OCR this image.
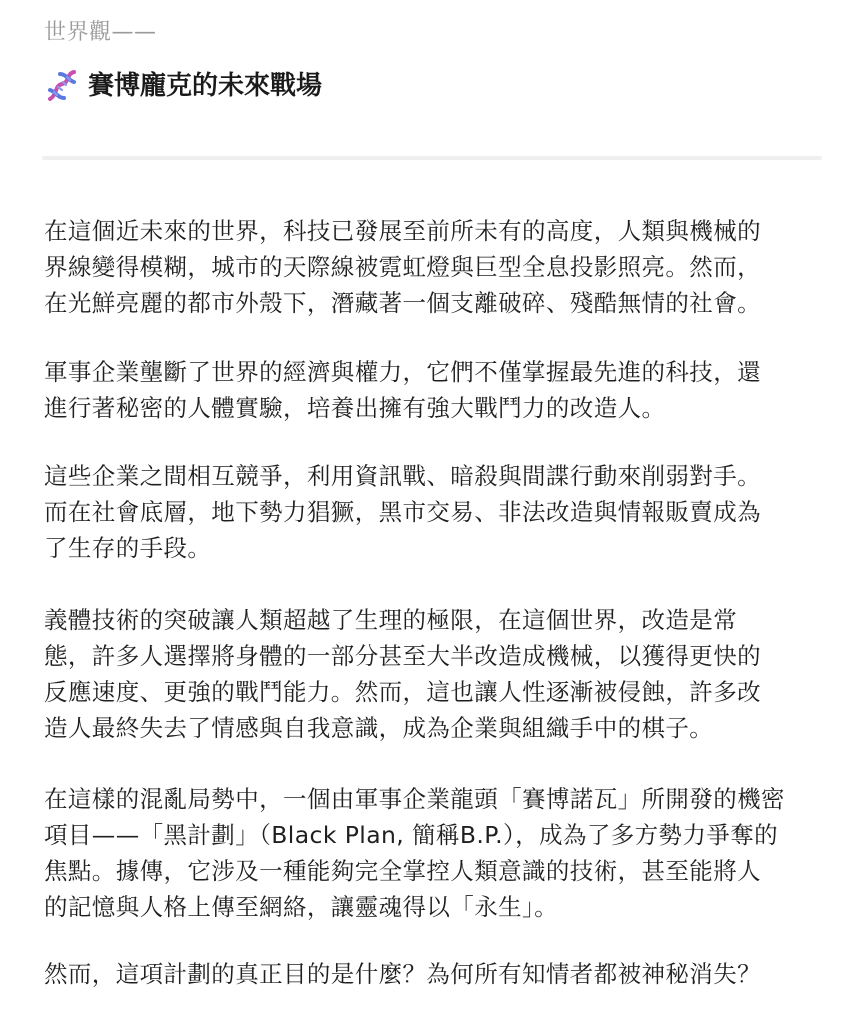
世界觀——
賽博龐克的未來戰場

在這個近未來的世界，科技已發展至前所未有的高度，人類與機械的
界線變得模糊，城市的天際線被霓虹燈與巨型全息投影照亮。然而，
在光鮮亮麗的都市外殼下，潛藏著一個支離破碎、殘酷無情的社會。

軍事企業壟斷了世界的經濟與權力，它們不僅掌握最先進的科技，還
進行著秘密的人體實驗，培養出擁有強大戰鬥力的改造人。

這些企業之間相互競爭，利用資訊戰、暗殺與間諜行動來削弱對手。
而在社會底層，地下勢力猖獗，黑市交易、非法改造與情報販賣成為
了生存的手段。

義體技術的突破讓人類超越了生理的極限，在這個世界，改造是常
態，許多人選擇將身體的一部分甚至大半改造成機械，以獲得更快的
反應速度、更強的戰鬥能力。然而，這也讓人性逐漸被侵蝕，許多改
造人最終失去了情感與自我意識，成為企業與組織手中的棋子。

在這樣的混亂局勢中，一個由軍事企業龍頭「賽博諾瓦」所開發的機密
項目——「黑計劃」（Black Plan, 簡稱B.P.），成為了多方勢力爭奪的
焦點。據傳，它涉及一種能夠完全掌控人類意識的技術，甚至能將人
的記憶與人格上傳至網絡，讓靈魂得以「永生」。

然而，這項計劃的真正目的是什麼？為何所有知情者都被神秘消失？
